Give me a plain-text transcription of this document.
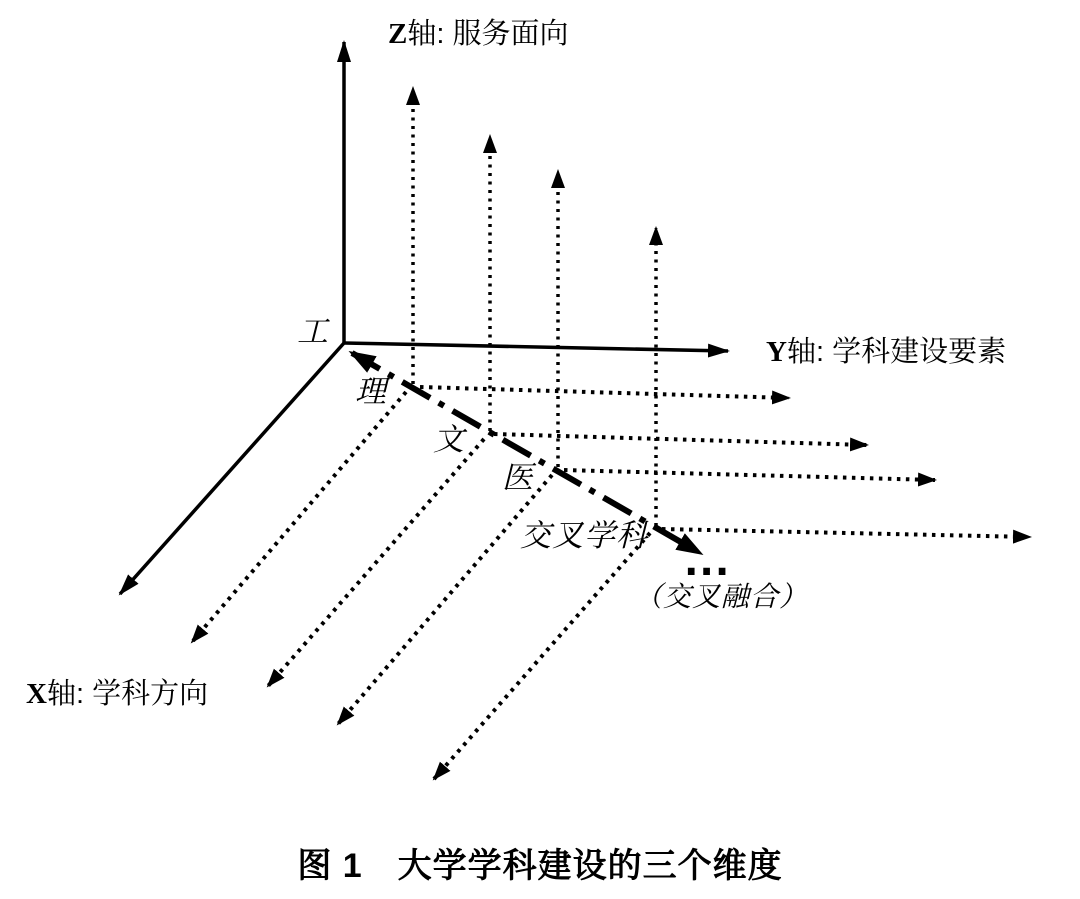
Z轴: 服务面向
Y轴: 学科建设要素
X轴: 学科方向
工
理
文
医
交叉学科
...
（交叉融合）
图 1　大学学科建设的三个维度
